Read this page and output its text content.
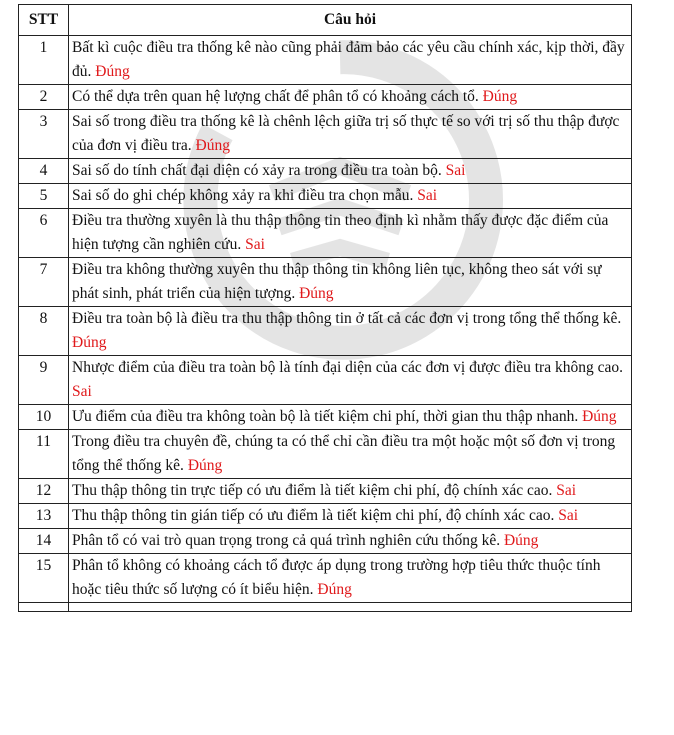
STT	Câu hỏi
1	Bất kì cuộc điều tra thống kê nào cũng phải đảm bảo các yêu cầu chính xác, kịp thời, đầy đủ. Đúng
2	Có thể dựa trên quan hệ lượng chất để phân tổ có khoảng cách tổ. Đúng
3	Sai số trong điều tra thống kê là chênh lệch giữa trị số thực tế so với trị số thu thập được của đơn vị điều tra. Đúng
4	Sai số do tính chất đại diện có xảy ra trong điều tra toàn bộ. Sai
5	Sai số do ghi chép không xảy ra khi điều tra chọn mẫu. Sai
6	Điều tra thường xuyên là thu thập thông tin theo định kì nhằm thấy được đặc điểm của hiện tượng cần nghiên cứu. Sai
7	Điều tra không thường xuyên thu thập thông tin không liên tục, không theo sát với sự phát sinh, phát triển của hiện tượng. Đúng
8	Điều tra toàn bộ là điều tra thu thập thông tin ở tất cả các đơn vị trong tổng thể thống kê. Đúng
9	Nhược điểm của điều tra toàn bộ là tính đại diện của các đơn vị được điều tra không cao. Sai
10	Ưu điểm của điều tra không toàn bộ là tiết kiệm chi phí, thời gian thu thập nhanh. Đúng
11	Trong điều tra chuyên đề, chúng ta có thể chỉ cần điều tra một hoặc một số đơn vị trong tổng thể thống kê. Đúng
12	Thu thập thông tin trực tiếp có ưu điểm là tiết kiệm chi phí, độ chính xác cao. Sai
13	Thu thập thông tin gián tiếp có ưu điểm là tiết kiệm chi phí, độ chính xác cao. Sai
14	Phân tổ có vai trò quan trọng trong cả quá trình nghiên cứu thống kê. Đúng
15	Phân tổ không có khoảng cách tổ được áp dụng trong trường hợp tiêu thức thuộc tính hoặc tiêu thức số lượng có ít biểu hiện. Đúng
